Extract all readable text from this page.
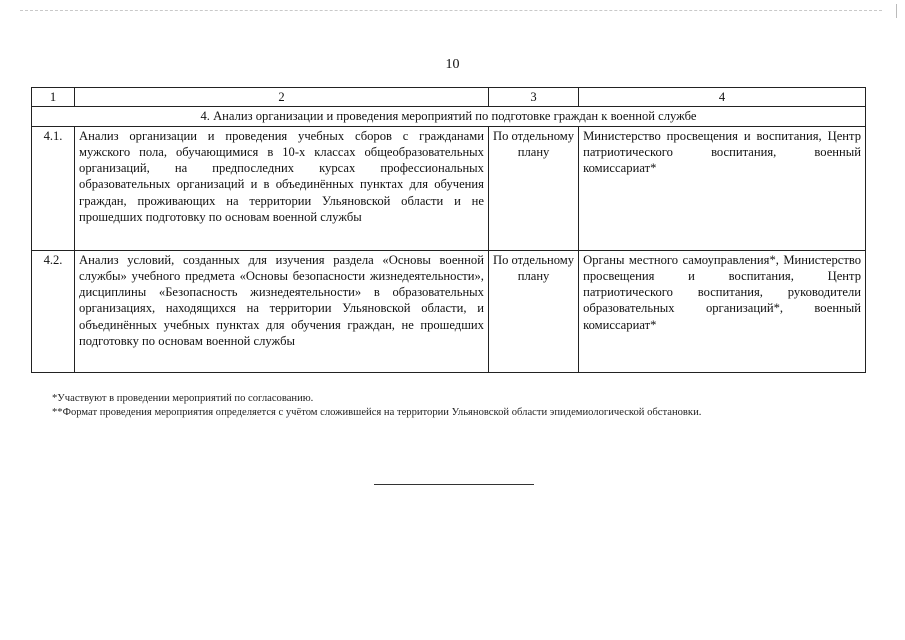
10
1	2	3	4
4. Анализ организации и проведения мероприятий по подготовке граждан к военной службе			
4.1.	Анализ организации и проведения учебных сборов с гражданами мужского пола, обучающимися в 10-х классах общеобразовательных организаций, на предпоследних курсах профессиональных образовательных организаций и в объединённых пунктах для обучения граждан, проживающих на территории Ульяновской области и не прошедших подготовку по основам военной службы	По отдельному плану	Министерство просвещения и воспитания, Центр патриотического воспитания, военный комиссариат*
4.2.	Анализ условий, созданных для изучения раздела «Основы военной службы» учебного предмета «Основы безопасности жизнедеятельности», дисциплины «Безопасность жизнедеятельности» в образовательных организациях, находящихся на территории Ульяновской области, и объединённых учебных пунктах для обучения граждан, не прошедших подготовку по основам военной службы	По отдельному плану	Органы местного самоуправления*, Министерство просвещения и воспитания, Центр патриотического воспитания, руководители образовательных организаций*, военный комиссариат*
*Участвуют в проведении мероприятий по согласованию.
**Формат проведения мероприятия определяется с учётом сложившейся на территории Ульяновской области эпидемиологической обстановки.
